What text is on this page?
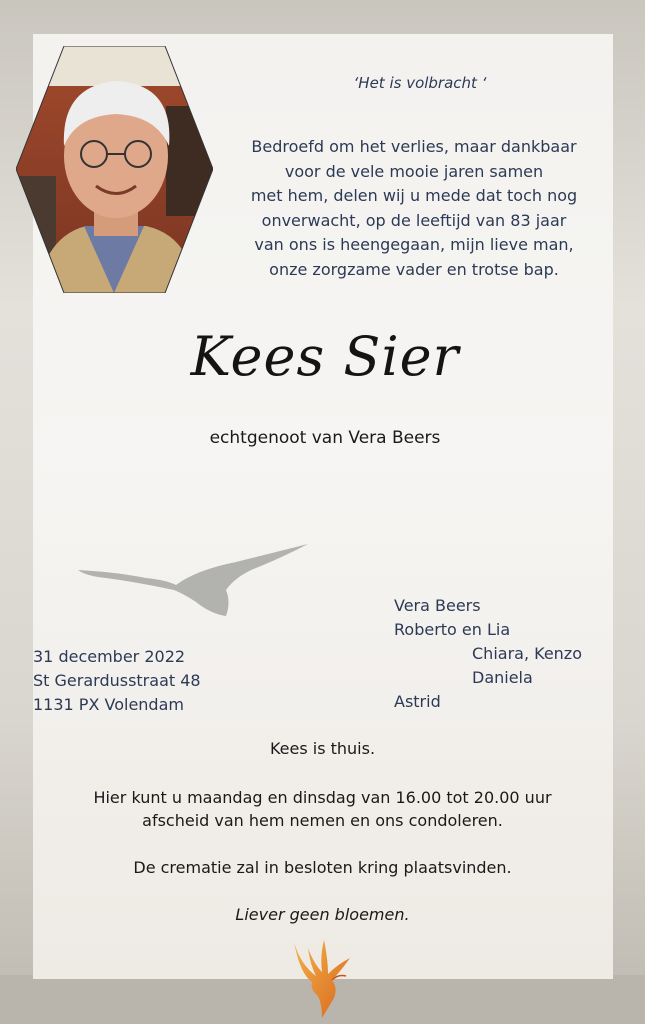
‘Het is volbracht ‘
Bedroefd om het verlies, maar dankbaar
voor de vele mooie jaren samen
met hem, delen wij u mede dat toch nog
onverwacht, op de leeftijd van 83 jaar
van ons is heengegaan, mijn lieve man,
onze zorgzame vader en trotse bap.
Kees Sier
echtgenoot van Vera Beers
Vera Beers
Roberto en Lia
Chiara, Kenzo
Daniela
Astrid
31 december 2022
St Gerardusstraat 48
1131 PX Volendam
Kees is thuis.
Hier kunt u maandag en dinsdag van 16.00 tot 20.00 uur
afscheid van hem nemen en ons condoleren.
De crematie zal in besloten kring plaatsvinden.
Liever geen bloemen.
